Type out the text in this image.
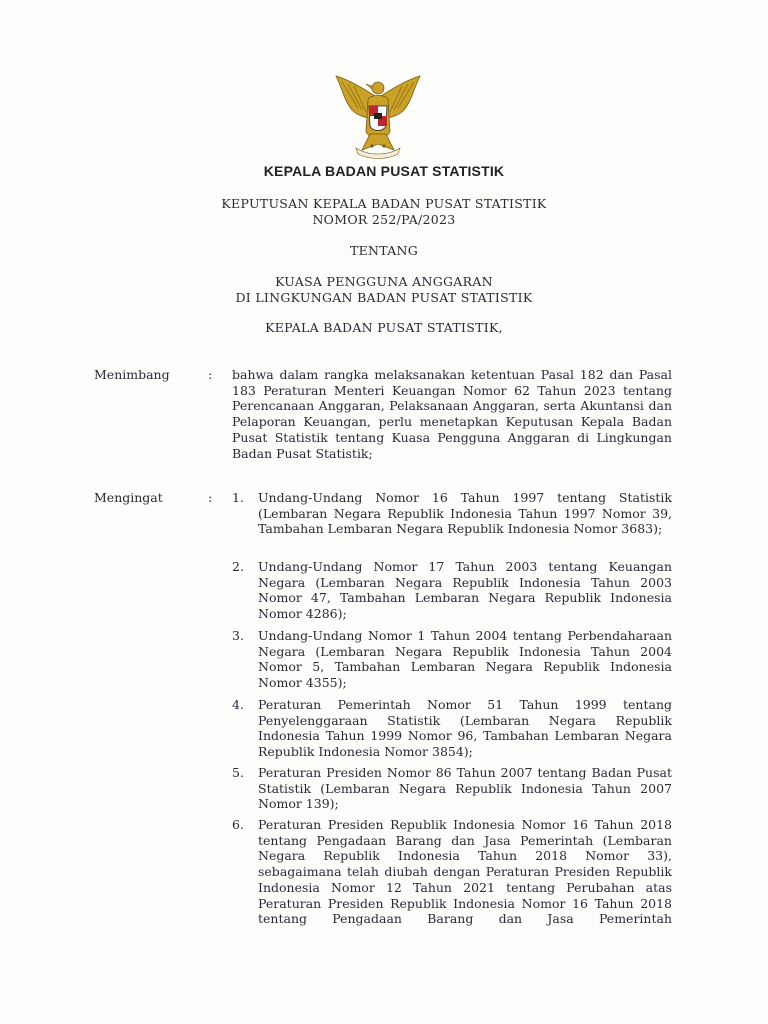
KEPALA BADAN PUSAT STATISTIK
KEPUTUSAN KEPALA BADAN PUSAT STATISTIK
NOMOR 252/PA/2023
TENTANG
KUASA PENGGUNA ANGGARAN
DI LINGKUNGAN BADAN PUSAT STATISTIK
KEPALA BADAN PUSAT STATISTIK,
Menimbang	: bahwa dalam rangka melaksanakan ketentuan Pasal 182 dan Pasal 183 Peraturan Menteri Keuangan Nomor 62 Tahun 2023 tentang Perencanaan Anggaran, Pelaksanaan Anggaran, serta Akuntansi dan Pelaporan Keuangan, perlu menetapkan Keputusan Kepala Badan Pusat Statistik tentang Kuasa Pengguna Anggaran di Lingkungan Badan Pusat Statistik;
Mengingat	: 1. Undang-Undang Nomor 16 Tahun 1997 tentang Statistik (Lembaran Negara Republik Indonesia Tahun 1997 Nomor 39, Tambahan Lembaran Negara Republik Indonesia Nomor 3683);
2. Undang-Undang Nomor 17 Tahun 2003 tentang Keuangan Negara (Lembaran Negara Republik Indonesia Tahun 2003 Nomor 47, Tambahan Lembaran Negara Republik Indonesia Nomor 4286);
3. Undang-Undang Nomor 1 Tahun 2004 tentang Perbendaharaan Negara (Lembaran Negara Republik Indonesia Tahun 2004 Nomor 5, Tambahan Lembaran Negara Republik Indonesia Nomor 4355);
4. Peraturan Pemerintah Nomor 51 Tahun 1999 tentang Penyelenggaraan Statistik (Lembaran Negara Republik Indonesia Tahun 1999 Nomor 96, Tambahan Lembaran Negara Republik Indonesia Nomor 3854);
5. Peraturan Presiden Nomor 86 Tahun 2007 tentang Badan Pusat Statistik (Lembaran Negara Republik Indonesia Tahun 2007 Nomor 139);
6. Peraturan Presiden Republik Indonesia Nomor 16 Tahun 2018 tentang Pengadaan Barang dan Jasa Pemerintah (Lembaran Negara Republik Indonesia Tahun 2018 Nomor 33), sebagaimana telah diubah dengan Peraturan Presiden Republik Indonesia Nomor 12 Tahun 2021 tentang Perubahan atas Peraturan Presiden Republik Indonesia Nomor 16 Tahun 2018 tentang Pengadaan Barang dan Jasa Pemerintah
